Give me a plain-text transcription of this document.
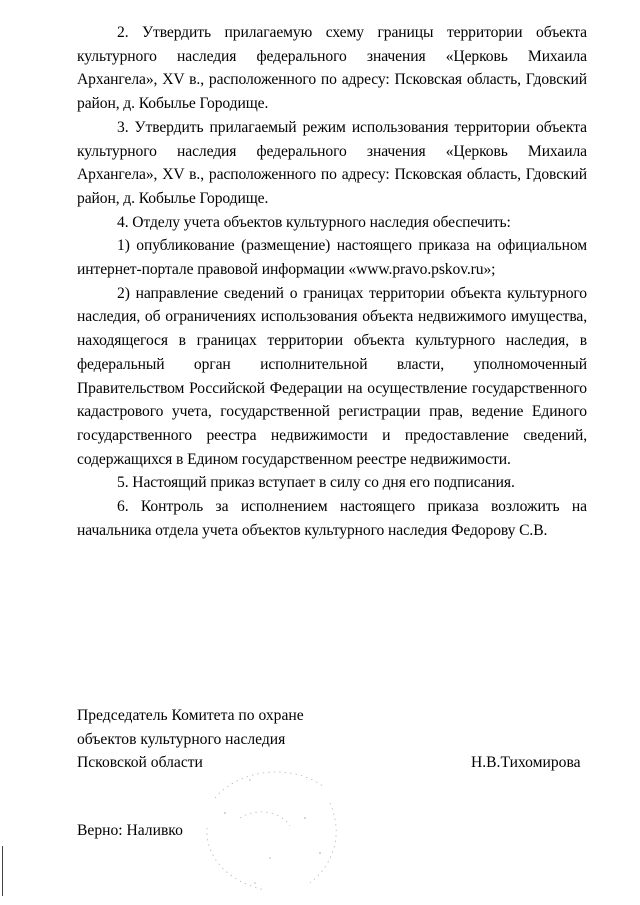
2. Утвердить прилагаемую схему границы территории объекта культурного наследия федерального значения «Церковь Михаила Архангела», XV в., расположенного по адресу: Псковская область, Гдовский район, д. Кобылье Городище.

3. Утвердить прилагаемый режим использования территории объекта культурного наследия федерального значения «Церковь Михаила Архангела», XV в., расположенного по адресу: Псковская область, Гдовский район, д. Кобылье Городище.

4. Отделу учета объектов культурного наследия обеспечить:

1) опубликование (размещение) настоящего приказа на официальном интернет-портале правовой информации «www.pravo.pskov.ru»;

2) направление сведений о границах территории объекта культурного наследия, об ограничениях использования объекта недвижимого имущества, находящегося в границах территории объекта культурного наследия, в федеральный орган исполнительной власти, уполномоченный Правительством Российской Федерации на осуществление государственного кадастрового учета, государственной регистрации прав, ведение Единого государственного реестра недвижимости и предоставление сведений, содержащихся в Едином государственном реестре недвижимости.

5. Настоящий приказ вступает в силу со дня его подписания.

6. Контроль за исполнением настоящего приказа возложить на начальника отдела учета объектов культурного наследия Федорову С.В.

Председатель Комитета по охране
объектов культурного наследия
Псковской области	Н.В.Тихомирова
Верно: Наливко
